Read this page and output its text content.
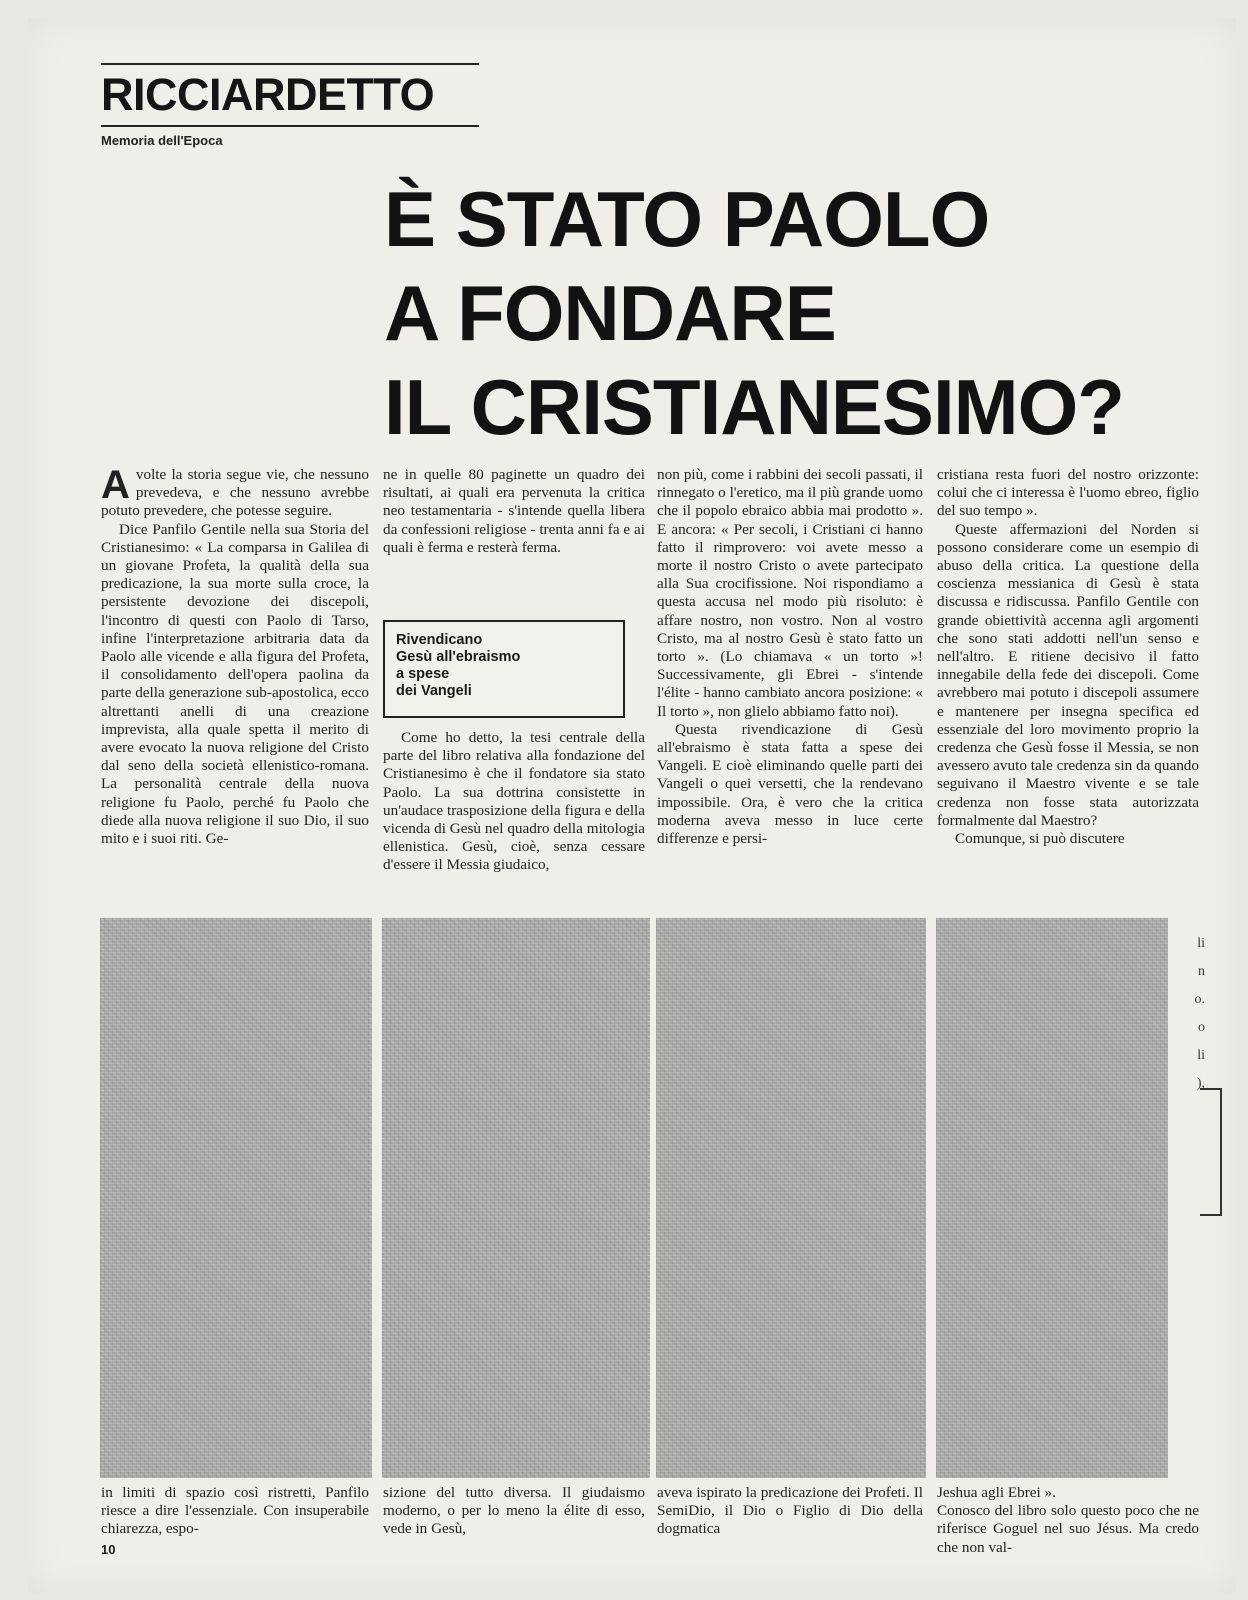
RICCIARDETTO
Memoria dell'Epoca
È STATO PAOLO
A FONDARE
IL CRISTIANESIMO?

Avolte la storia segue vie, che nessuno prevedeva, e che nessuno avrebbe potuto prevedere, che potesse seguire.

Dice Panfilo Gentile nella sua Storia del Cristianesimo: « La comparsa in Galilea di un giovane Profeta, la qualità della sua predicazione, la sua morte sulla croce, la persistente devozione dei discepoli, l'incontro di questi con Paolo di Tarso, infine l'interpretazione arbitraria data da Paolo alle vicende e alla figura del Profeta, il consolidamento dell'opera paolina da parte della generazione sub-apostolica, ecco altrettanti anelli di una creazione imprevista, alla quale spetta il merito di avere evocato la nuova religione del Cristo dal seno della società ellenistico-romana. La personalità centrale della nuova religione fu Paolo, perché fu Paolo che diede alla nuova religione il suo Dio, il suo mito e i suoi riti. Ge-

ne in quelle 80 paginette un quadro dei risultati, ai quali era pervenuta la critica neo testamentaria - s'intende quella libera da confessioni religiose - trenta anni fa e ai quali è ferma e resterà ferma.

Come ho detto, la tesi centrale della parte del libro relativa alla fondazione del Cristianesimo è che il fondatore sia stato Paolo. La sua dottrina consistette in un'audace trasposizione della figura e della vicenda di Gesù nel quadro della mitologia ellenistica. Gesù, cioè, senza cessare d'essere il Messia giudaico,

Rivendicano
Gesù all'ebraismo
a spese
dei Vangeli

non più, come i rabbini dei secoli passati, il rinnegato o l'eretico, ma il più grande uomo che il popolo ebraico abbia mai prodotto ». E ancora: « Per secoli, i Cristiani ci hanno fatto il rimprovero: voi avete messo a morte il nostro Cristo o avete partecipato alla Sua crocifissione. Noi rispondiamo a questa accusa nel modo più risoluto: è affare nostro, non vostro. Non al vostro Cristo, ma al nostro Gesù è stato fatto un torto ». (Lo chiamava « un torto »! Successivamente, gli Ebrei - s'intende l'élite - hanno cambiato ancora posizione: « Il torto », non glielo abbiamo fatto noi).

Questa rivendicazione di Gesù all'ebraismo è stata fatta a spese dei Vangeli. E cioè eliminando quelle parti dei Vangeli o quei versetti, che la rendevano impossibile. Ora, è vero che la critica moderna aveva messo in luce certe differenze e persi-

cristiana resta fuori del nostro orizzonte: colui che ci interessa è l'uomo ebreo, figlio del suo tempo ».

Queste affermazioni del Norden si possono considerare come un esempio di abuso della critica. La questione della coscienza messianica di Gesù è stata discussa e ridiscussa. Panfilo Gentile con grande obiettività accenna agli argomenti che sono stati addotti nell'un senso e nell'altro. E ritiene decisivo il fatto innegabile della fede dei discepoli. Come avrebbero mai potuto i discepoli assumere e mantenere per insegna specifica ed essenziale del loro movimento proprio la credenza che Gesù fosse il Messia, se non avessero avuto tale credenza sin da quando seguivano il Maestro vivente e se tale credenza non fosse stata autorizzata formalmente dal Maestro?

Comunque, si può discutere

li
n
o.
o
li
),

in limiti di spazio così ristretti, Panfilo riesce a dire l'essenziale. Con insuperabile chiarezza, espo-

sizione del tutto diversa. Il giudaismo moderno, o per lo meno la élite di esso, vede in Gesù,

aveva ispirato la predicazione dei Profeti. Il SemiDio, il Dio o Figlio di Dio della dogmatica

Jeshua agli Ebrei ».

Conosco del libro solo questo poco che ne riferisce Goguel nel suo Jésus. Ma credo che non val-

10
